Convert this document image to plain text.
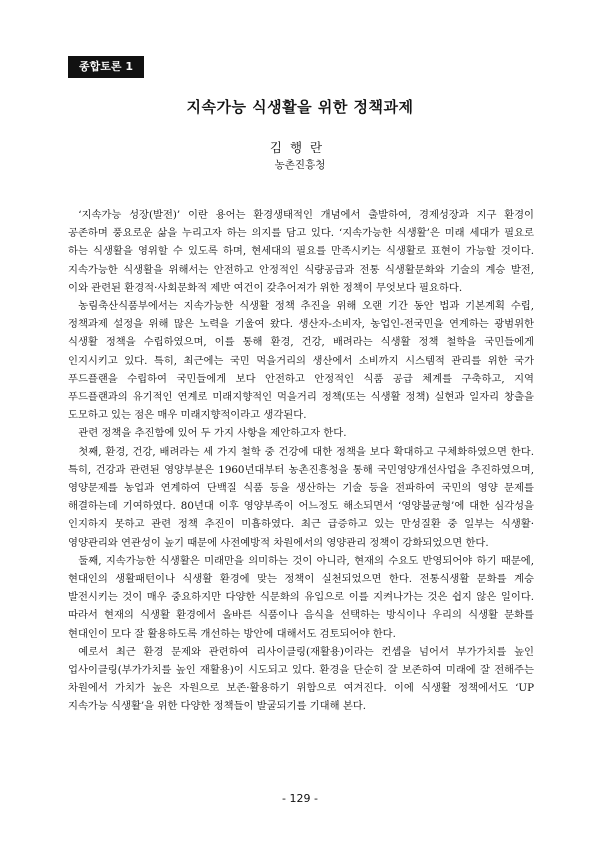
종합토론 1
지속가능 식생활을 위한 정책과제
김행란
농촌진흥청

‘지속가능 성장(발전)’ 이란 용어는 환경생태적인 개념에서 출발하여, 경제성장과 지구 환경이 공존하며 풍요로운 삶을 누리고자 하는 의지를 담고 있다. ‘지속가능한 식생활’은 미래 세대가 필요로 하는 식생활을 영위할 수 있도록 하며, 현세대의 필요를 만족시키는 식생활로 표현이 가능할 것이다. 지속가능한 식생활을 위해서는 안전하고 안정적인 식량공급과 전통 식생활문화와 기술의 계승 발전, 이와 관련된 환경적·사회문화적 제반 여건이 갖추어져가 위한 정책이 무엇보다 필요하다.

농림축산식품부에서는 지속가능한 식생활 정책 추진을 위해 오랜 기간 동안 법과 기본계획 수립, 정책과제 설정을 위해 많은 노력을 기울여 왔다. 생산자-소비자, 농업인-전국민을 연계하는 광범위한 식생활 정책을 수립하였으며, 이를 통해 환경, 건강, 배려라는 식생활 정책 철학을 국민들에게 인지시키고 있다. 특히, 최근에는 국민 먹을거리의 생산에서 소비까지 시스템적 관리를 위한 국가 푸드플랜을 수립하여 국민들에게 보다 안전하고 안정적인 식품 공급 체계를 구축하고, 지역 푸드플랜과의 유기적인 연계로 미래지향적인 먹을거리 정책(또는 식생활 정책) 실현과 일자리 창출을 도모하고 있는 점은 매우 미래지향적이라고 생각된다.

관련 정책을 추진함에 있어 두 가지 사항을 제안하고자 한다.

첫째, 환경, 건강, 배려라는 세 가지 철학 중 건강에 대한 정책을 보다 확대하고 구체화하였으면 한다. 특히, 건강과 관련된 영양부분은 1960년대부터 농촌진흥청을 통해 국민영양개선사업을 추진하였으며, 영양문제를 농업과 연계하여 단백질 식품 등을 생산하는 기술 등을 전파하여 국민의 영양 문제를 해결하는데 기여하였다. 80년대 이후 영양부족이 어느정도 해소되면서 ‘영양불균형’에 대한 심각성을 인지하지 못하고 관련 정책 추진이 미흡하였다. 최근 급증하고 있는 만성질환 중 일부는 식생활·영양관리와 연관성이 높기 때문에 사전예방적 차원에서의 영양관리 정책이 강화되었으면 한다.

둘째, 지속가능한 식생활은 미래만을 의미하는 것이 아니라, 현재의 수요도 반영되어야 하기 때문에, 현대인의 생활패턴이나 식생활 환경에 맞는 정책이 실천되었으면 한다. 전통식생활 문화를 계승 발전시키는 것이 매우 중요하지만 다양한 식문화의 유입으로 이를 지켜나가는 것은 쉽지 않은 일이다. 따라서 현재의 식생활 환경에서 올바른 식품이나 음식을 선택하는 방식이나 우리의 식생활 문화를 현대인이 모다 잘 활용하도록 개선하는 방안에 대해서도 검토되어야 한다.

예로서 최근 환경 문제와 관련하여 리사이클링(재활용)이라는 컨셉을 넘어서 부가가치를 높인 업사이클링(부가가치를 높인 재활용)이 시도되고 있다. 환경을 단순히 잘 보존하여 미래에 잘 전해주는 차원에서 가치가 높은 자원으로 보존·활용하기 위함으로 여겨진다. 이에 식생활 정책에서도 ‘UP 지속가능 식생활’을 위한 다양한 정책들이 발굴되기를 기대해 본다.

- 129 -
